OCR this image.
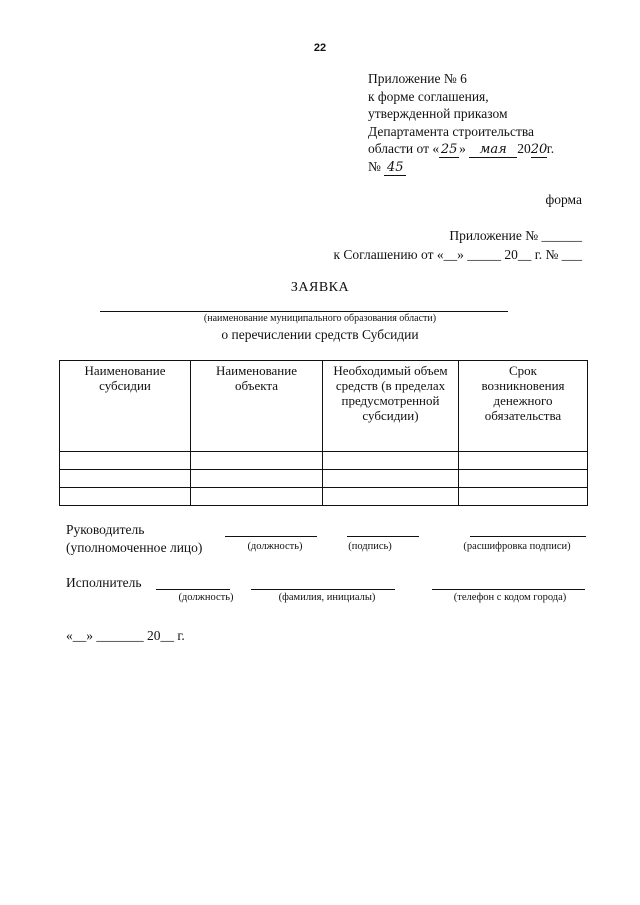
22
Приложение № 6
к форме соглашения,
утвержденной приказом
Департамента строительства
области от « 25 » мая 2020г.
№ 45
форма
Приложение № ______
к Соглашению от «__» _____ 20__ г. № ___
ЗАЯВКА
(наименование муниципального образования области)
о перечислении средств Субсидии
Наименование субсидии	Наименование объекта	Необходимый объем средств (в пределах предусмотренной субсидии)	Срок возникновения денежного обязательства

Руководитель
(уполномоченное лицо)	(должность)	(подпись)	(расшифровка подписи)
Исполнитель
(должность)	(фамилия, инициалы)	(телефон с кодом города)
«__» _______ 20__ г.
